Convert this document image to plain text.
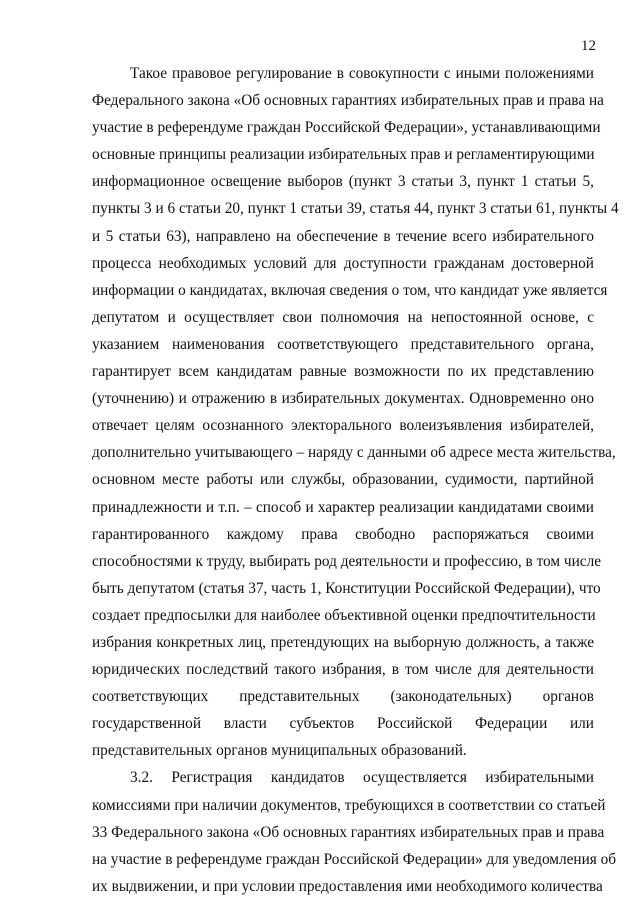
12
Такое правовое регулирование в совокупности с иными положениями
Федерального закона «Об основных гарантиях избирательных прав и права на
участие в референдуме граждан Российской Федерации», устанавливающими
основные принципы реализации избирательных прав и регламентирующими
информационное освещение выборов (пункт 3 статьи 3, пункт 1 статьи 5,
пункты 3 и 6 статьи 20, пункт 1 статьи 39, статья 44, пункт 3 статьи 61, пункты 4
и 5 статьи 63), направлено на обеспечение в течение всего избирательного
процесса необходимых условий для доступности гражданам достоверной
информации о кандидатах, включая сведения о том, что кандидат уже является
депутатом и осуществляет свои полномочия на непостоянной основе, с
указанием наименования соответствующего представительного органа,
гарантирует всем кандидатам равные возможности по их представлению
(уточнению) и отражению в избирательных документах. Одновременно оно
отвечает целям осознанного электорального волеизъявления избирателей,
дополнительно учитывающего – наряду с данными об адресе места жительства,
основном месте работы или службы, образовании, судимости, партийной
принадлежности и т.п. – способ и характер реализации кандидатами своими
гарантированного каждому права свободно распоряжаться своими
способностями к труду, выбирать род деятельности и профессию, в том числе
быть депутатом (статья 37, часть 1, Конституции Российской Федерации), что
создает предпосылки для наиболее объективной оценки предпочтительности
избрания конкретных лиц, претендующих на выборную должность, а также
юридических последствий такого избрания, в том числе для деятельности
соответствующих представительных (законодательных) органов
государственной власти субъектов Российской Федерации или
представительных органов муниципальных образований.
3.2. Регистрация кандидатов осуществляется избирательными
комиссиями при наличии документов, требующихся в соответствии со статьей
33 Федерального закона «Об основных гарантиях избирательных прав и права
на участие в референдуме граждан Российской Федерации» для уведомления об
их выдвижении, и при условии предоставления ими необходимого количества
